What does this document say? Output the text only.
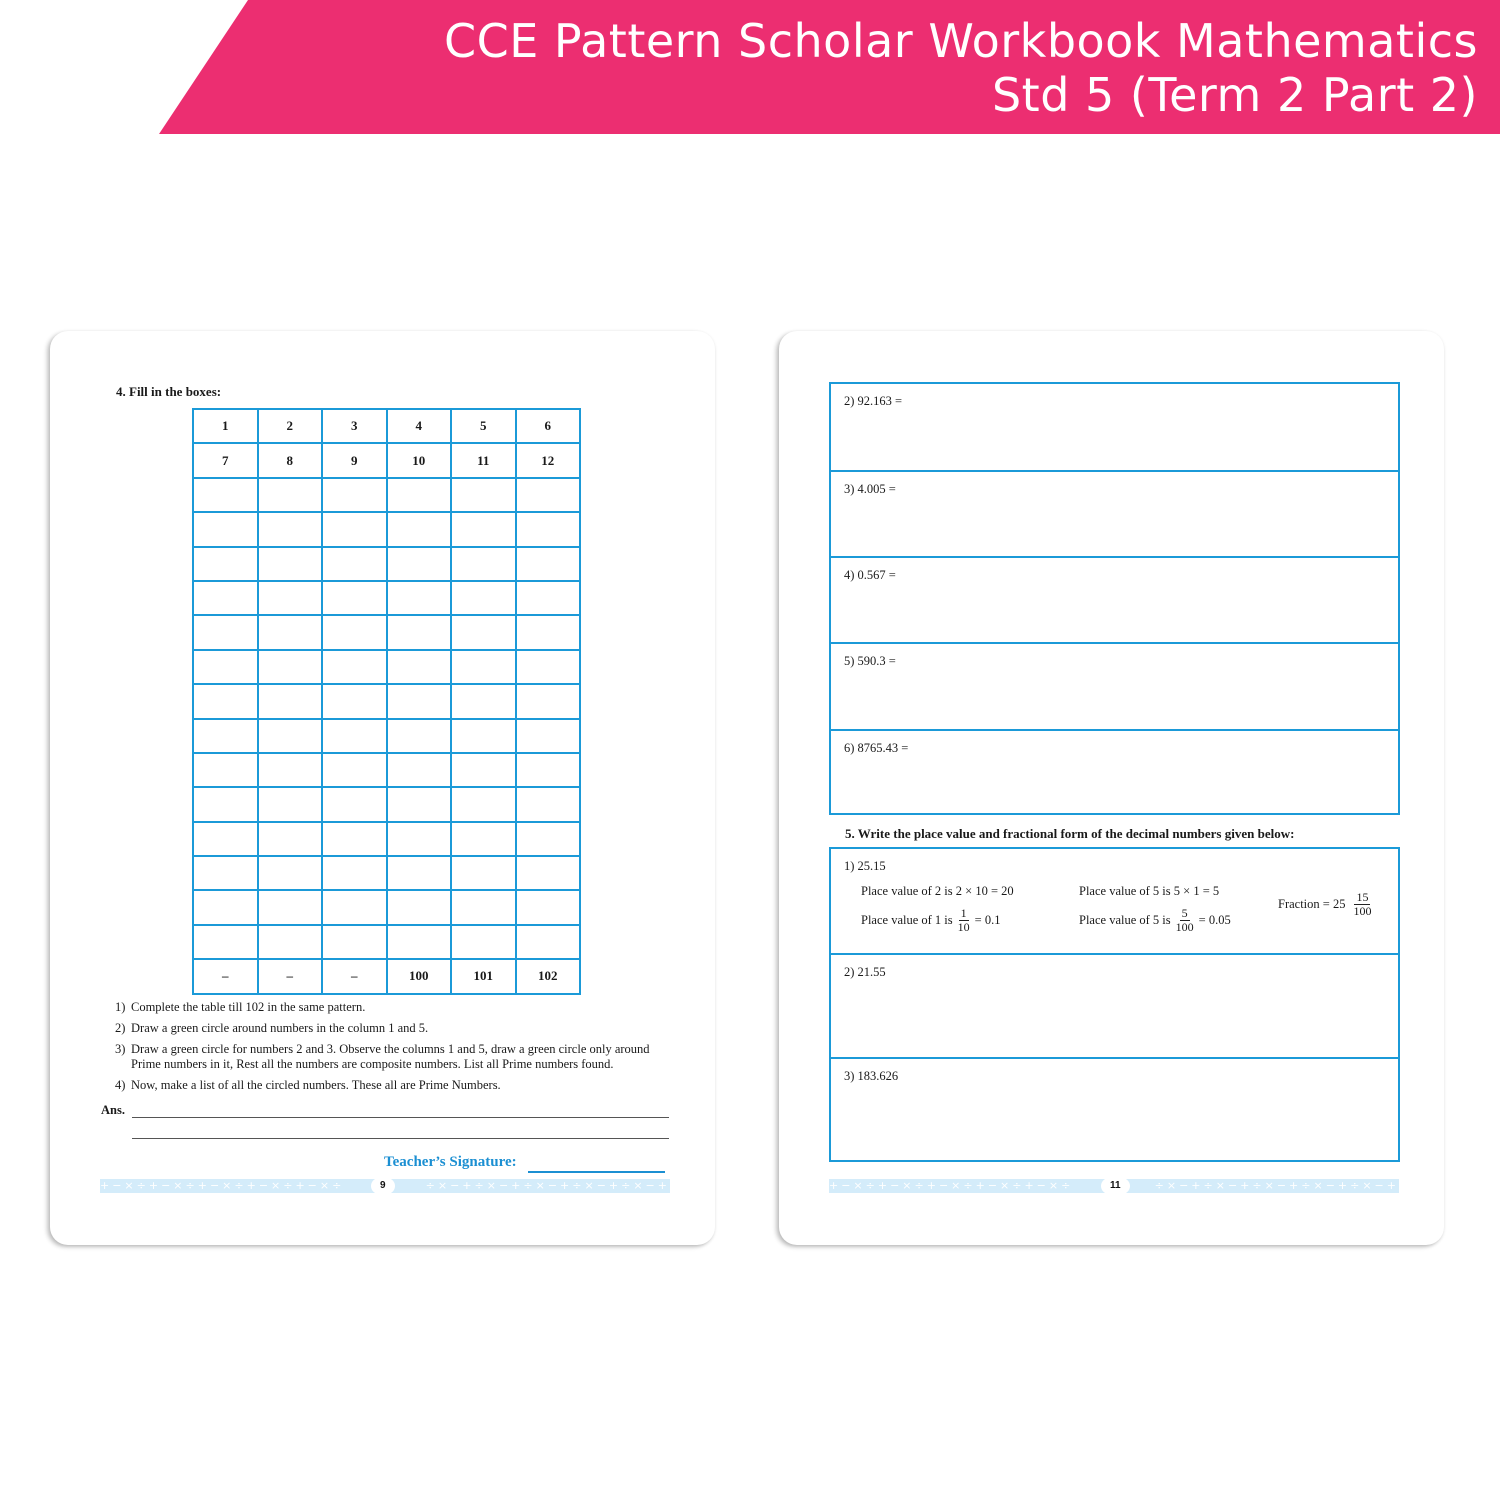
CCE Pattern Scholar Workbook Mathematics
Std 5 (Term 2 Part 2)
4. Fill in the boxes:
1	2	3	4	5	6
7	8	9	10	11	12

–	–	–	100	101	102
1) Complete the table till 102 in the same pattern.
2) Draw a green circle around numbers in the column 1 and 5.
3) Draw a green circle for numbers 2 and 3. Observe the columns 1 and 5, draw a green circle only around Prime numbers in it, Rest all the numbers are composite numbers. List all Prime numbers found.
4) Now, make a list of all the circled numbers. These all are Prime Numbers.
Ans.
Teacher’s Signature:
+−×÷+−×÷+−×÷+−×÷+−×÷	÷×−+÷×−+÷×−+÷×−+÷×−+
9
2) 92.163 =
3) 4.005 =
4) 0.567 =
5) 590.3 =
6) 8765.43 =
5. Write the place value and fractional form of the decimal numbers given below:
1) 25.15
Place value of 2 is 2 × 10 = 20	Place value of 5 is 5 × 1 = 5
Place value of 1 is $\frac{1}{10} = 0.1$	Place value of 5 is $\frac{5}{100} = 0.05$
Fraction = $25 \frac{15}{100}$
2) 21.55
3) 183.626
+−×÷+−×÷+−×÷+−×÷+−×÷	÷×−+÷×−+÷×−+÷×−+÷×−+
11
